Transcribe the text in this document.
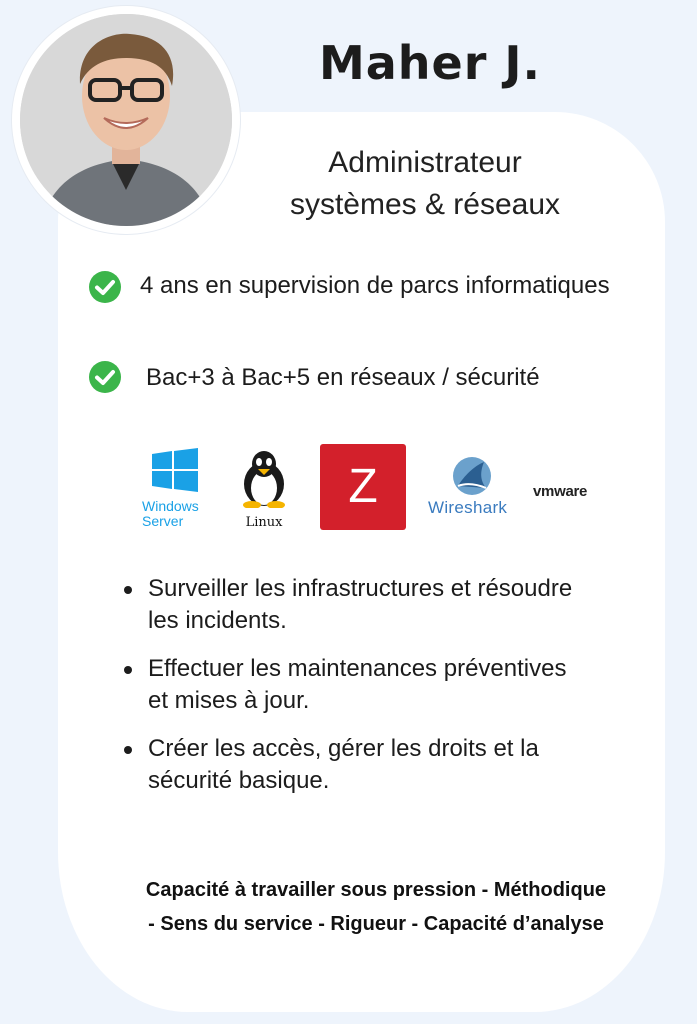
Maher J.
Administrateur
systèmes & réseaux
4 ans en supervision de parcs informatiques
Bac+3 à Bac+5 en réseaux / sécurité
Windows
Server	Linux
Z	Wireshark
vmware
Surveiller les infrastructures et résoudre les incidents.
Effectuer les maintenances préventives et mises à jour.
Créer les accès, gérer les droits et la sécurité basique.
Capacité à travailler sous pression - Méthodique
- Sens du service - Rigueur - Capacité d’analyse
